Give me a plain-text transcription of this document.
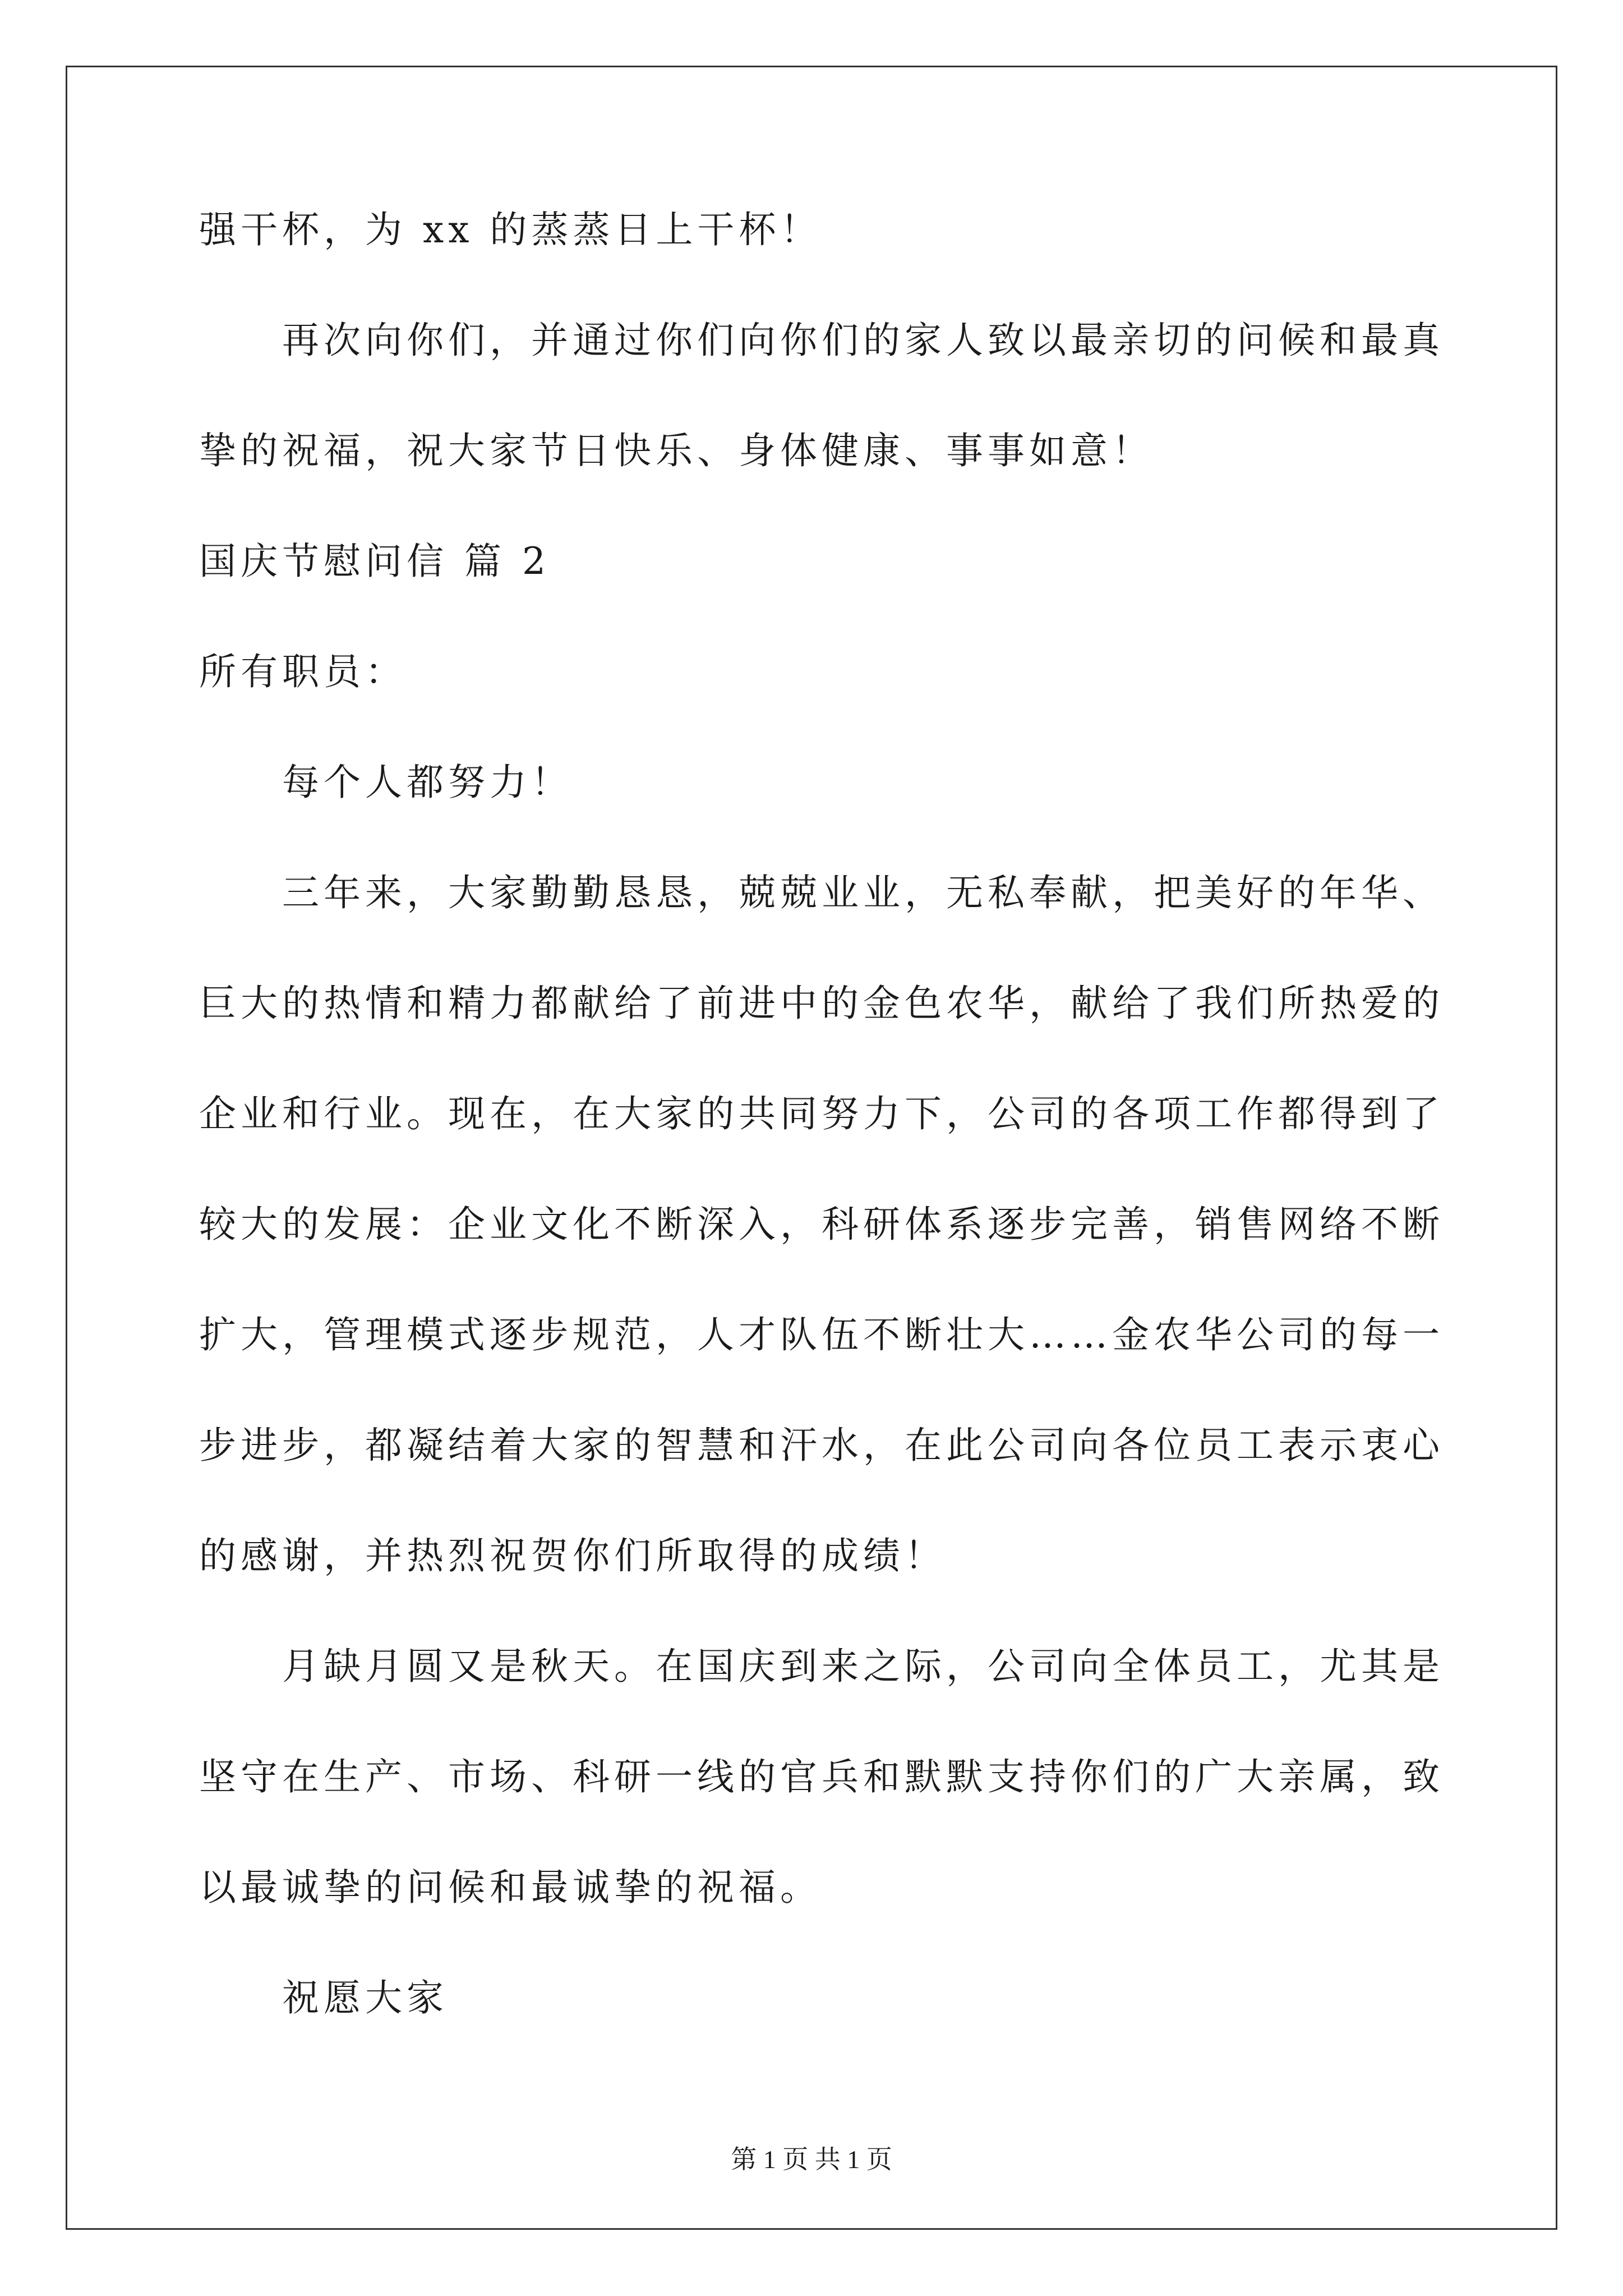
强干杯，为 xx 的蒸蒸日上干杯！
再次向你们，并通过你们向你们的家人致以最亲切的问候和最真
挚的祝福，祝大家节日快乐、身体健康、事事如意！
国庆节慰问信 篇 2
所有职员：
每个人都努力！
三年来，大家勤勤恳恳，兢兢业业，无私奉献，把美好的年华、
巨大的热情和精力都献给了前进中的金色农华，献给了我们所热爱的
企业和行业。现在，在大家的共同努力下，公司的各项工作都得到了
较大的发展：企业文化不断深入，科研体系逐步完善，销售网络不断
扩大，管理模式逐步规范，人才队伍不断壮大……金农华公司的每一
步进步，都凝结着大家的智慧和汗水，在此公司向各位员工表示衷心
的感谢，并热烈祝贺你们所取得的成绩！
月缺月圆又是秋天。在国庆到来之际，公司向全体员工，尤其是
坚守在生产、市场、科研一线的官兵和默默支持你们的广大亲属，致
以最诚挚的问候和最诚挚的祝福。
祝愿大家
第 1 页 共 1 页
